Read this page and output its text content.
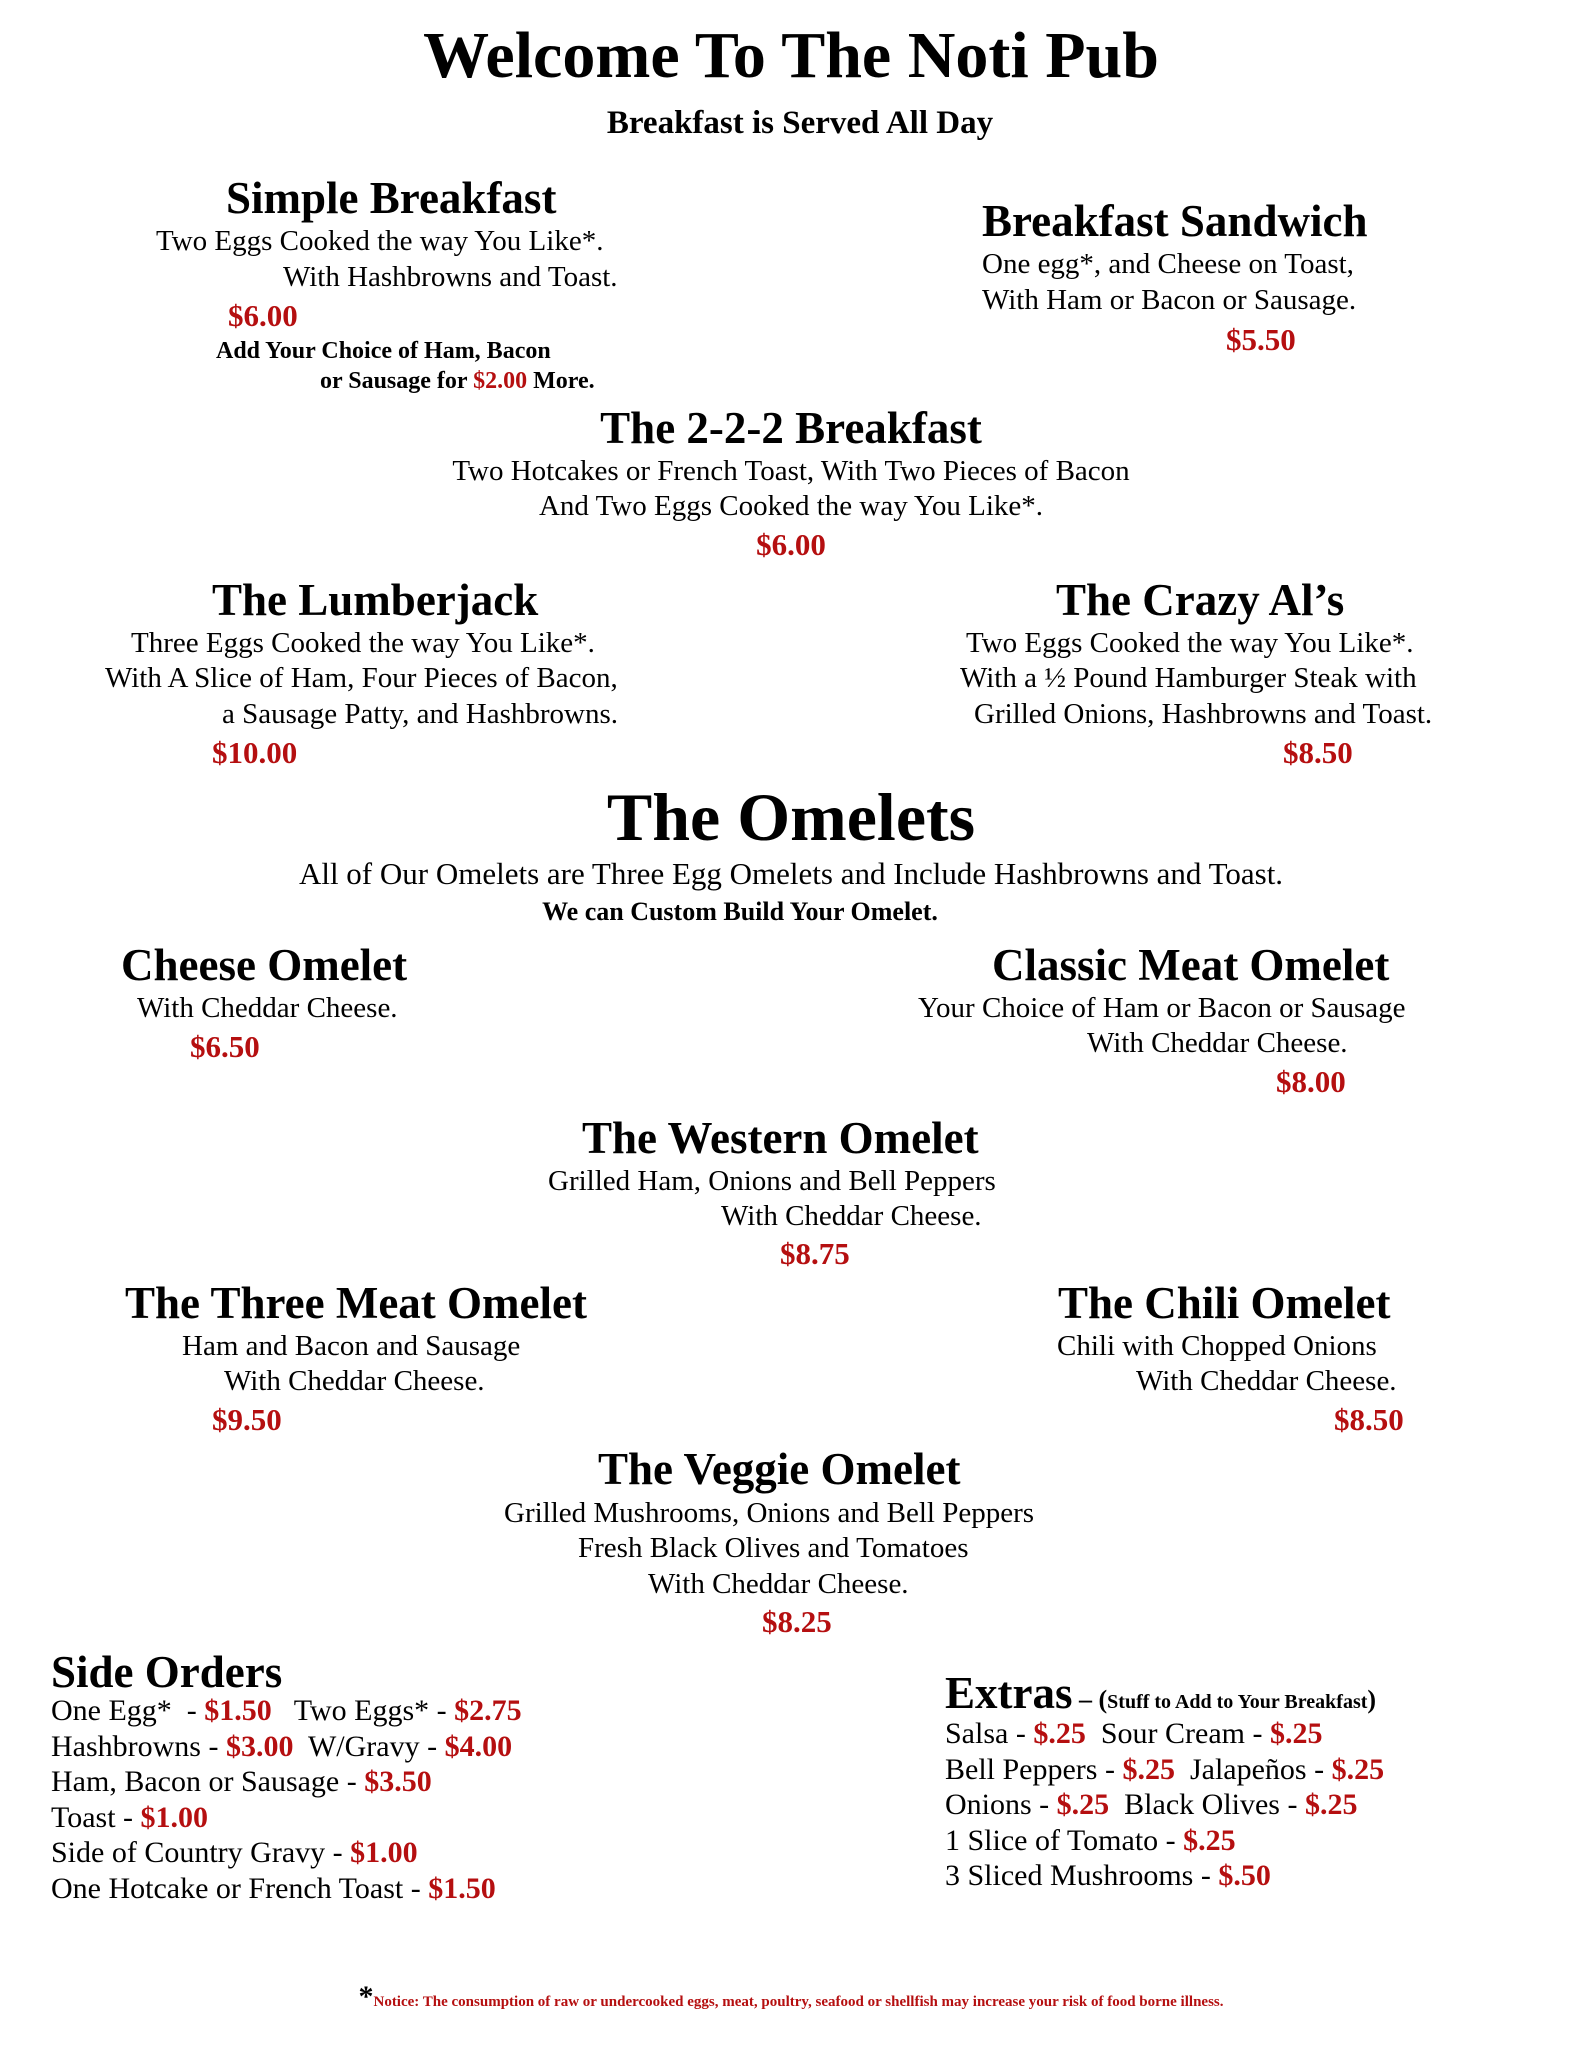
Welcome To The Noti Pub
Breakfast is Served All Day
Simple Breakfast
Two Eggs Cooked the way You Like*.
With Hashbrowns and Toast.
$6.00
Add Your Choice of Ham, Bacon
or Sausage for $2.00 More.
Breakfast Sandwich
One egg*, and Cheese on Toast,
With Ham or Bacon or Sausage.
$5.50
The 2-2-2 Breakfast
Two Hotcakes or French Toast, With Two Pieces of Bacon
And Two Eggs Cooked the way You Like*.
$6.00
The Lumberjack
Three Eggs Cooked the way You Like*.
With A Slice of Ham, Four Pieces of Bacon,
a Sausage Patty, and Hashbrowns.
$10.00
The Crazy Al’s
Two Eggs Cooked the way You Like*.
With a ½ Pound Hamburger Steak with
Grilled Onions, Hashbrowns and Toast.
$8.50
The Omelets
All of Our Omelets are Three Egg Omelets and Include Hashbrowns and Toast.
We can Custom Build Your Omelet.
Cheese Omelet
With Cheddar Cheese.
$6.50
Classic Meat Omelet
Your Choice of Ham or Bacon or Sausage
With Cheddar Cheese.
$8.00
The Western Omelet
Grilled Ham, Onions and Bell Peppers
With Cheddar Cheese.
$8.75
The Three Meat Omelet
Ham and Bacon and Sausage
With Cheddar Cheese.
$9.50
The Chili Omelet
Chili with Chopped Onions
With Cheddar Cheese.
$8.50
The Veggie Omelet
Grilled Mushrooms, Onions and Bell Peppers
Fresh Black Olives and Tomatoes
With Cheddar Cheese.
$8.25
Side Orders
One Egg*  - $1.50   Two Eggs* - $2.75
Hashbrowns - $3.00  W/Gravy - $4.00
Ham, Bacon or Sausage - $3.50
Toast - $1.00
Side of Country Gravy - $1.00
One Hotcake or French Toast - $1.50
Extras – (Stuff to Add to Your Breakfast)
Salsa - $.25  Sour Cream - $.25
Bell Peppers - $.25  Jalapeños - $.25
Onions - $.25  Black Olives - $.25
1 Slice of Tomato - $.25
3 Sliced Mushrooms - $.50
*Notice: The consumption of raw or undercooked eggs, meat, poultry, seafood or shellfish may increase your risk of food borne illness.
